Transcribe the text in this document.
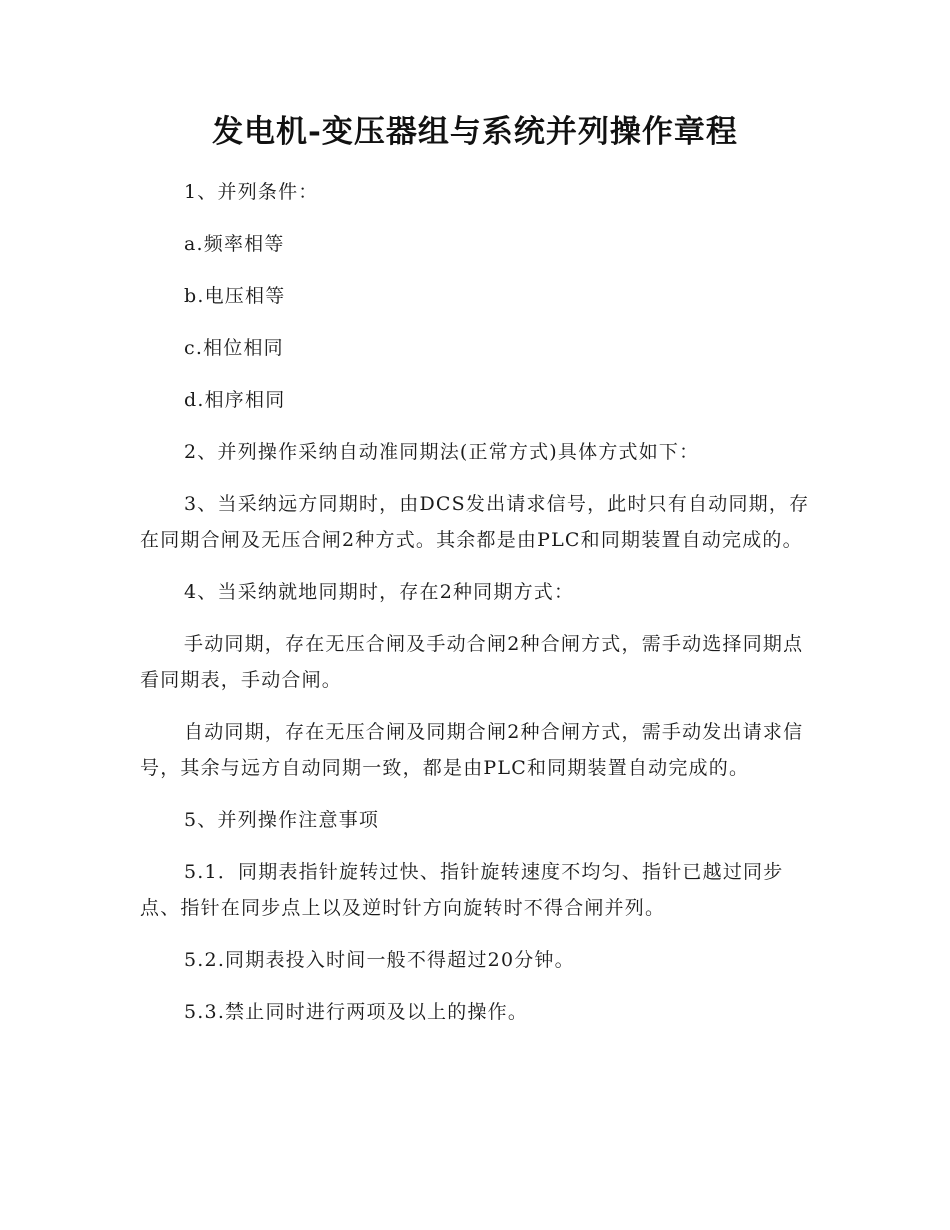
发电机-变压器组与系统并列操作章程

1、并列条件：

a.频率相等

b.电压相等

c.相位相同

d.相序相同

2、并列操作采纳自动准同期法(正常方式)具体方式如下：

3、当采纳远方同期时，由DCS发出请求信号，此时只有自动同期，存在同期合闸及无压合闸2种方式。其余都是由PLC和同期装置自动完成的。

4、当采纳就地同期时，存在2种同期方式：

手动同期，存在无压合闸及手动合闸2种合闸方式，需手动选择同期点看同期表，手动合闸。

自动同期，存在无压合闸及同期合闸2种合闸方式，需手动发出请求信号，其余与远方自动同期一致，都是由PLC和同期装置自动完成的。

5、并列操作注意事项

5.1．同期表指针旋转过快、指针旋转速度不均匀、指针已越过同步点、指针在同步点上以及逆时针方向旋转时不得合闸并列。

5.2.同期表投入时间一般不得超过20分钟。

5.3.禁止同时进行两项及以上的操作。
